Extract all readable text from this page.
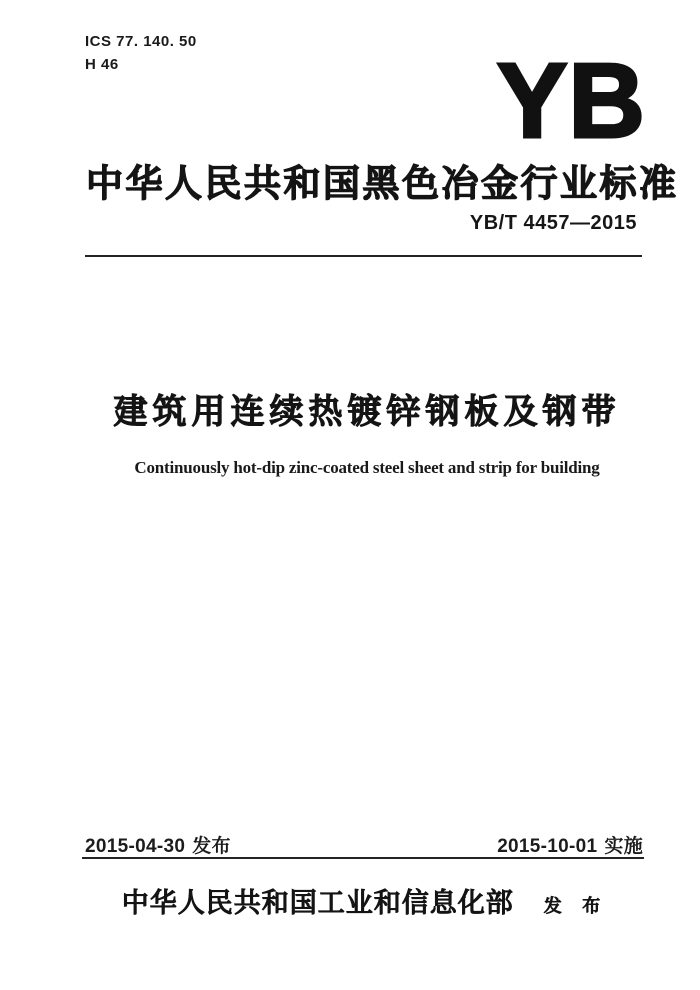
ICS 77. 140. 50
H 46	YB
中华人民共和国黑色冶金行业标准
YB/T 4457—2015
建筑用连续热镀锌钢板及钢带
Continuously hot-dip zinc-coated steel sheet and strip for building
2015-04-30 发布	2015-10-01 实施
中华人民共和国工业和信息化部 发 布
